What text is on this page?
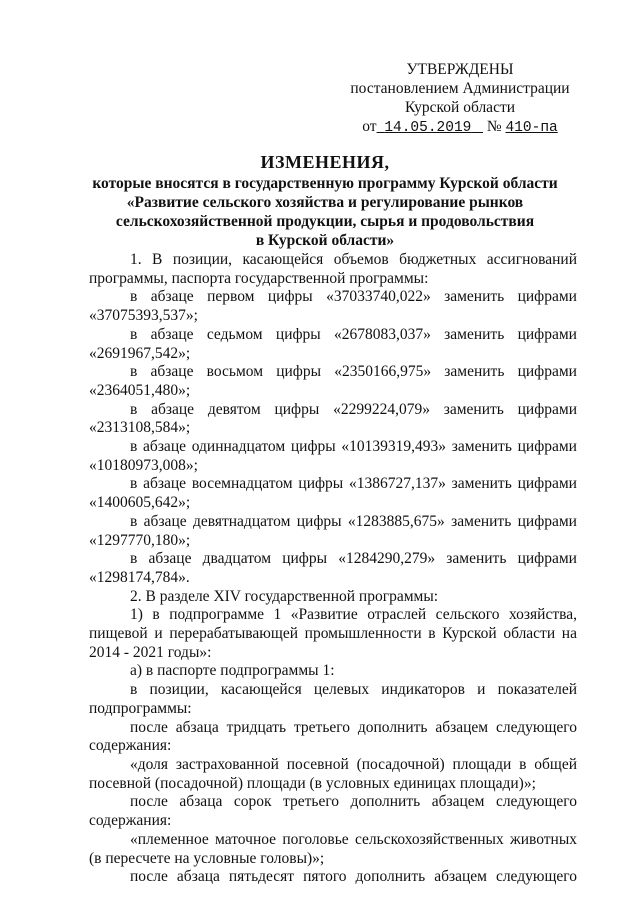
УТВЕРЖДЕНЫ
постановлением Администрации
Курской области
от 14.05.2019 № 410-па
ИЗМЕНЕНИЯ,
которые вносятся в государственную программу Курской области
«Развитие сельского хозяйства и регулирование рынков
сельскохозяйственной продукции, сырья и продовольствия
в Курской области»

1. В позиции, касающейся объемов бюджетных ассигнований программы, паспорта государственной программы:

в абзаце первом цифры «37033740,022» заменить цифрами

«37075393,537»;

в абзаце седьмом цифры «2678083,037» заменить цифрами

«2691967,542»;

в абзаце восьмом цифры «2350166,975» заменить цифрами

«2364051,480»;

в абзаце девятом цифры «2299224,079» заменить цифрами

«2313108,584»;

в абзаце одиннадцатом цифры «10139319,493» заменить цифрами

«10180973,008»;

в абзаце восемнадцатом цифры «1386727,137» заменить цифрами

«1400605,642»;

в абзаце девятнадцатом цифры «1283885,675» заменить цифрами

«1297770,180»;

в абзаце двадцатом цифры «1284290,279» заменить цифрами

«1298174,784».

2. В разделе XIV государственной программы:

1) в подпрограмме 1 «Развитие отраслей сельского хозяйства, пищевой и перерабатывающей промышленности в Курской области на 2014 - 2021 годы»:

а) в паспорте подпрограммы 1:

в позиции, касающейся целевых индикаторов и показателей подпрограммы:

после абзаца тридцать третьего дополнить абзацем следующего содержания:

«доля застрахованной посевной (посадочной) площади в общей посевной (посадочной) площади (в условных единицах площади)»;

после абзаца сорок третьего дополнить абзацем следующего содержания:

«племенное маточное поголовье сельскохозяйственных животных (в пересчете на условные головы)»;

после абзаца пятьдесят пятого дополнить абзацем следующего
